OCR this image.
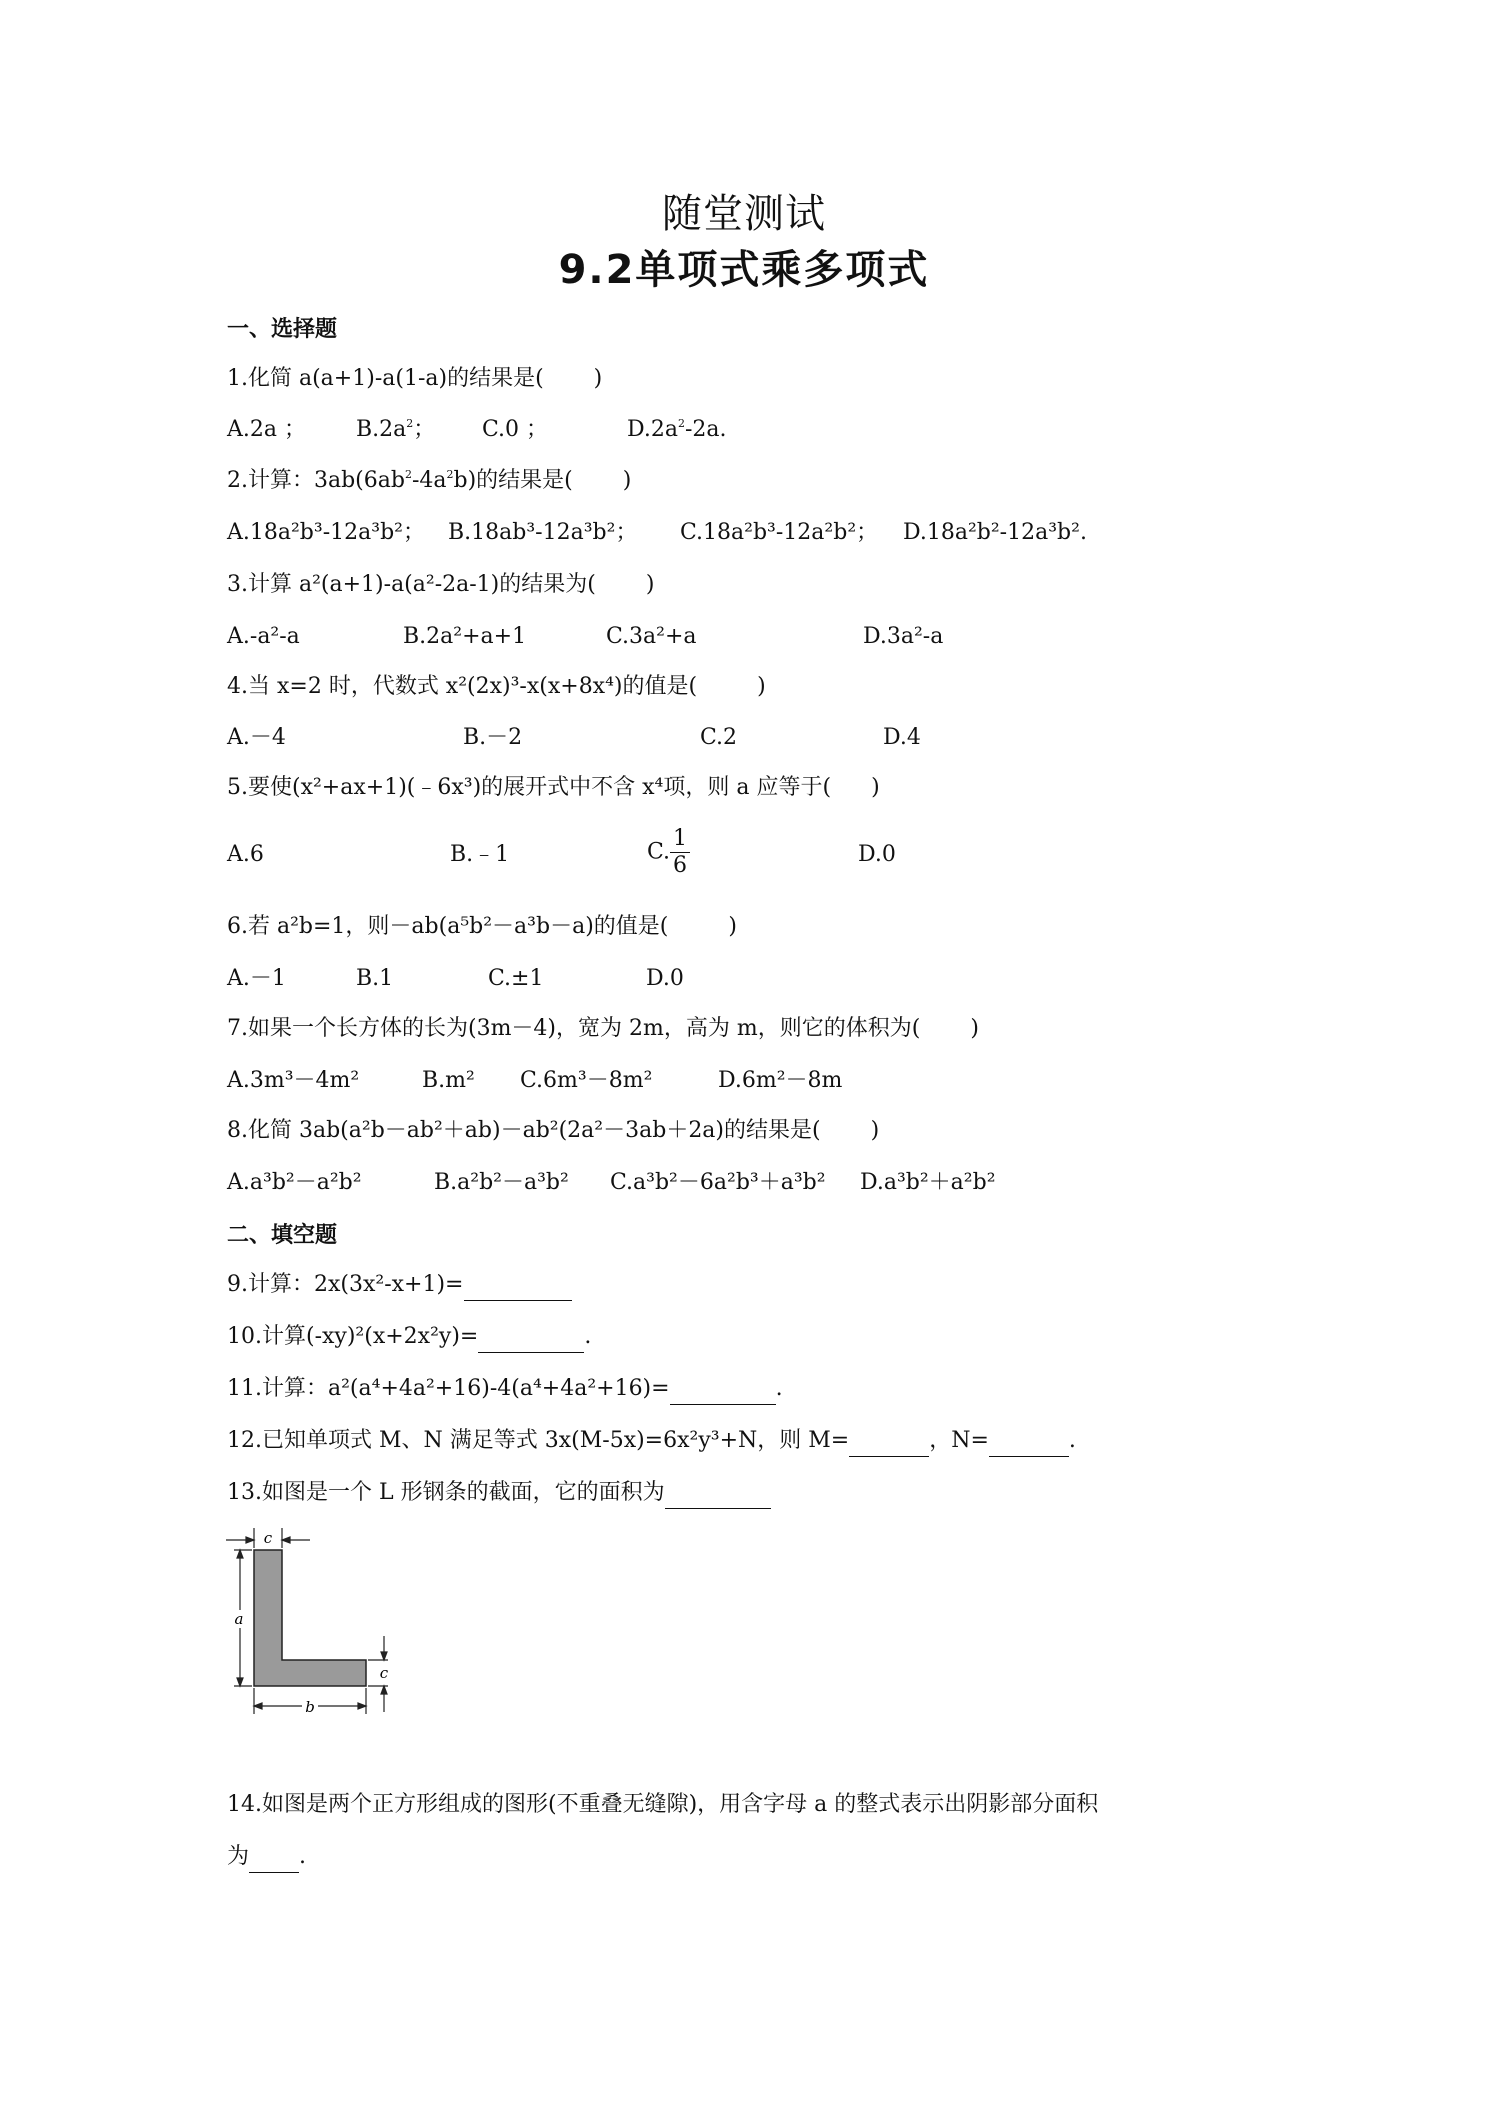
随堂测试
9.2单项式乘多项式
一、选择题
1.化简 a(a+1)-a(1-a)的结果是( )
A.2a ； $B.2a^2$； C.0 ；	$D.2a^2-2a$.
2.计算：$3ab(6ab^2-4a^2b)$的结果是( )
A.18a²b³-12a³b²； B.18ab³-12a³b²； C.18a²b³-12a²b²； D.18a²b²-12a³b².
3.计算 a²(a+1)-a(a²-2a-1)的结果为( )
A.-a²-a	B.2a²+a+1	C.3a²+a	D.3a²-a
4.当 x=2 时，代数式 x²(2x)³-x(x+8x⁴)的值是(	)
A.－4	B.－2	C.2	D.4
5.要使(x²+ax+1)(﹣6x³)的展开式中不含 x⁴项，则 a 应等于( )
A.6	B.﹣1	C. $\frac{1}{6}$	D.0
6.若 a²b=1，则－ab(a⁵b²－a³b－a)的值是(	)
A.－1	B.1	C.±1	D.0
7.如果一个长方体的长为(3m－4)，宽为 2m，高为 m，则它的体积为( )
A.3m³－4m²	B.m² C.6m³－8m²	D.6m²－8m
8.化简 3ab(a²b－ab²＋ab)－ab²(2a²－3ab＋2a)的结果是( )
A.a³b²－a²b²	B.a²b²－a³b² C.a³b²－6a²b³＋a³b² D.a³b²＋a²b²
二、填空题
9.计算：2x(3x²-x+1)=
10.计算(-xy)²(x+2x²y)=	.
11.计算：a²(a⁴+4a²+16)-4(a⁴+4a²+16)=	.
12.已知单项式 M、N 满足等式 3x(M-5x)=6x²y³+N，则 M=	，N=	.
13.如图是一个 L 形钢条的截面，它的面积为
c
a
c
b
14.如图是两个正方形组成的图形(不重叠无缝隙)，用含字母 a 的整式表示出阴影部分面积
为 .
